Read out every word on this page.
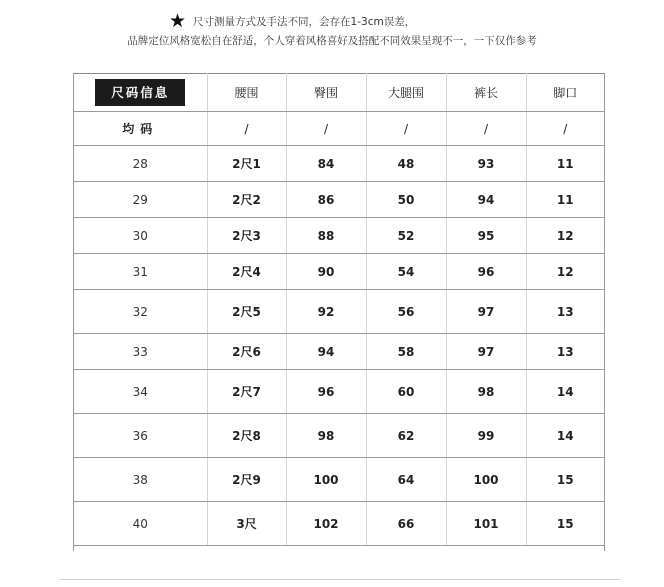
★ 尺寸测量方式及手法不同，会存在1-3cm误差，
品牌定位风格宽松自在舒适，个人穿着风格喜好及搭配不同效果呈现不一，一下仅作参考
尺码信息	腰围	臀围	大腿围	裤长	脚口
均码	/	/	/	/	/
28	2尺1	84	48	93	11
29	2尺2	86	50	94	11
30	2尺3	88	52	95	12
31	2尺4	90	54	96	12
32	2尺5	92	56	97	13
33	2尺6	94	58	97	13
34	2尺7	96	60	98	14
36	2尺8	98	62	99	14
38	2尺9	100	64	100	15
40	3尺	102	66	101	15
